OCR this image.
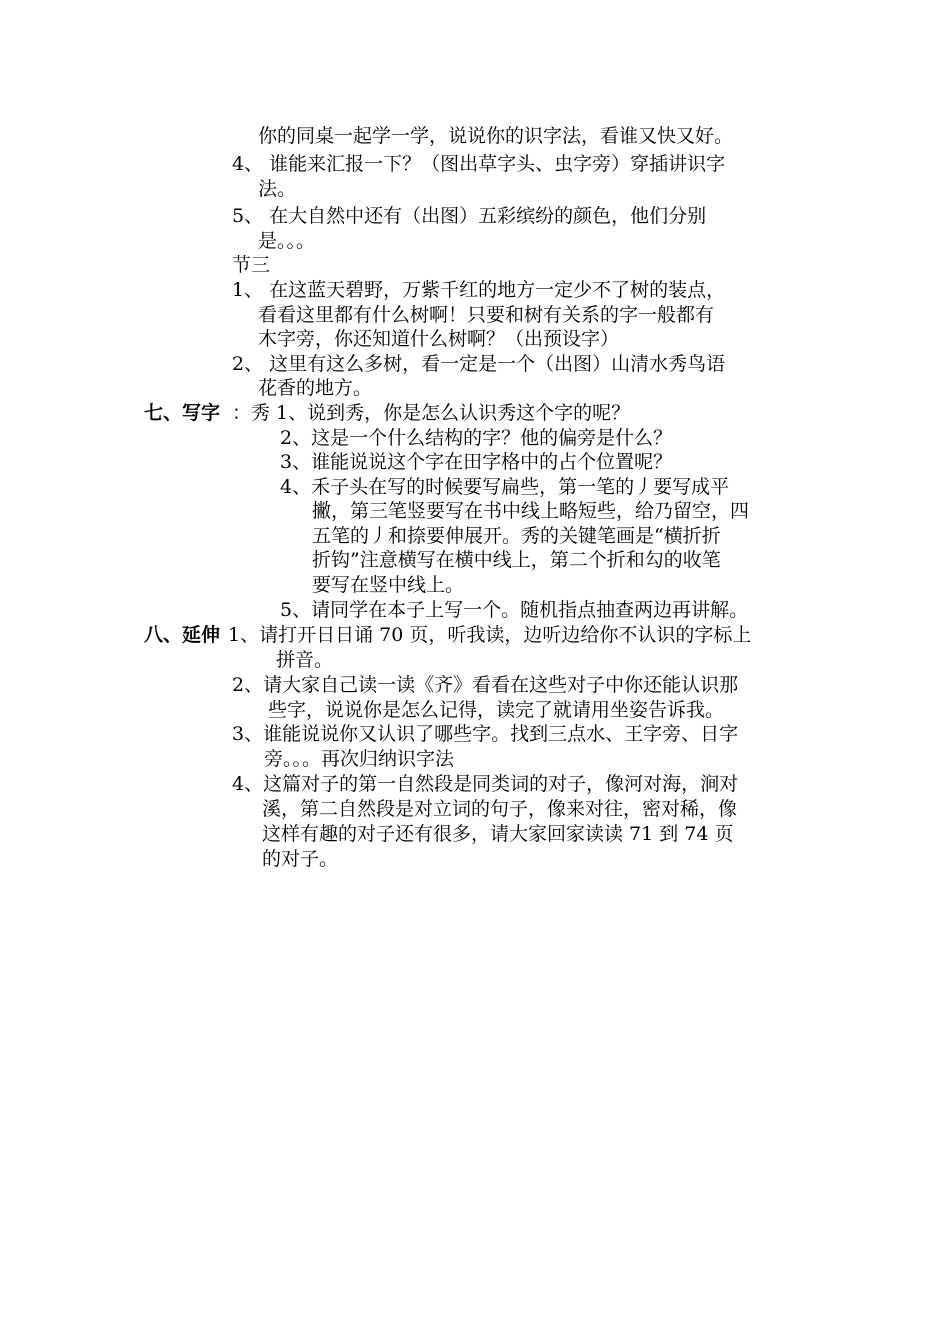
你的同桌一起学一学，说说你的识字法，看谁又快又好。
4、 谁能来汇报一下？（图出草字头、虫字旁）穿插讲识字
法。
5、 在大自然中还有（出图）五彩缤纷的颜色，他们分别
是。。。
节三
1、 在这蓝天碧野，万紫千红的地方一定少不了树的装点，
看看这里都有什么树啊！只要和树有关系的字一般都有
木字旁，你还知道什么树啊？（出预设字）
2、 这里有这么多树，看一定是一个（出图）山清水秀鸟语
花香的地方。
七、写字 ：秀 1、说到秀，你是怎么认识秀这个字的呢？
2、这是一个什么结构的字？他的偏旁是什么？
3、谁能说说这个字在田字格中的占个位置呢？
4、禾子头在写的时候要写扁些，第一笔的丿要写成平
撇，第三笔竖要写在书中线上略短些，给乃留空，四
五笔的丿和捺要伸展开。秀的关键笔画是“横折折
折钩”注意横写在横中线上，第二个折和勾的收笔
要写在竖中线上。
5、请同学在本子上写一个。随机指点抽查两边再讲解。
八、延伸 1、请打开日日诵 70 页，听我读，边听边给你不认识的字标上
拼音。
2、请大家自己读一读《齐》看看在这些对子中你还能认识那
些字，说说你是怎么记得，读完了就请用坐姿告诉我。
3、谁能说说你又认识了哪些字。找到三点水、王字旁、日字
旁。。。再次归纳识字法
4、这篇对子的第一自然段是同类词的对子，像河对海，涧对
溪，第二自然段是对立词的句子，像来对往，密对稀，像
这样有趣的对子还有很多，请大家回家读读 71 到 74 页
的对子。
